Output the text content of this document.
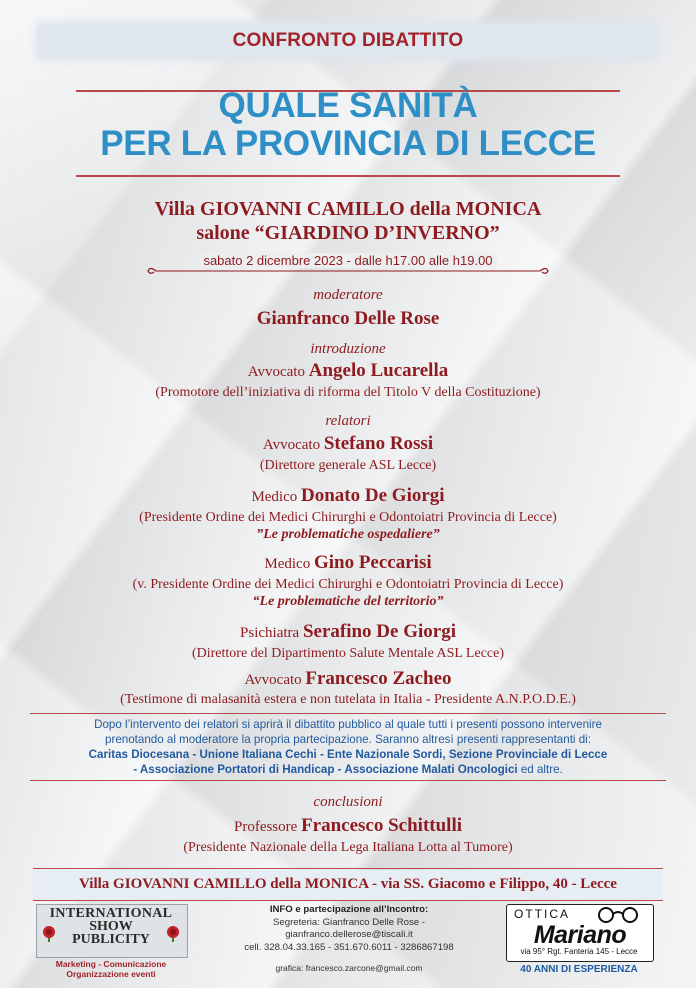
CONFRONTO DIBATTITO
QUALE SANITÀ
PER LA PROVINCIA DI LECCE
Villa GIOVANNI CAMILLO della MONICA
salone “GIARDINO D’INVERNO”
sabato 2 dicembre 2023 - dalle h17.00 alle h19.00
moderatore
Gianfranco Delle Rose
introduzione
Avvocato Angelo Lucarella
(Promotore dell’iniziativa di riforma del Titolo V della Costituzione)
relatori
Avvocato Stefano Rossi
(Direttore generale ASL Lecce)
Medico Donato De Giorgi
(Presidente Ordine dei Medici Chirurghi e Odontoiatri Provincia di Lecce)
”Le problematiche ospedaliere”
Medico Gino Peccarisi
(v. Presidente Ordine dei Medici Chirurghi e Odontoiatri Provincia di Lecce)
“Le problematiche del territorio”
Psichiatra Serafino De Giorgi
(Direttore del Dipartimento Salute Mentale ASL Lecce)
Avvocato Francesco Zacheo
(Testimone di malasanità estera e non tutelata in Italia - Presidente A.N.P.O.D.E.)
Dopo l’intervento dei relatori si aprirà il dibattito pubblico al quale tutti i presenti possono intervenire
prenotando al moderatore la propria partecipazione. Saranno altresì presenti rappresentanti di:
Caritas Diocesana - Unione Italiana Cechi - Ente Nazionale Sordi, Sezione Provinciale di Lecce
- Associazione Portatori di Handicap - Associazione Malati Oncologici ed altre.
conclusioni
Professore Francesco Schittulli
(Presidente Nazionale della Lega Italiana Lotta al Tumore)
Villa GIOVANNI CAMILLO della MONICA - via SS. Giacomo e Filippo, 40 - Lecce
INTERNATIONAL
SHOW
PUBLICITY
Marketing - Comunicazione
Organizzazione eventi
INFO e partecipazione all’Incontro:
Segreteria: Gianfranco Delle Rose - gianfranco.dellerose@tiscali.it
cell. 328.04.33.165 - 351.670.6011 - 3286867198
grafica: francesco.zarcone@gmail.com
OTTICA
Mariano
via 95° Rgt. Fanteria 145 - Lecce
40 ANNI DI ESPERIENZA
